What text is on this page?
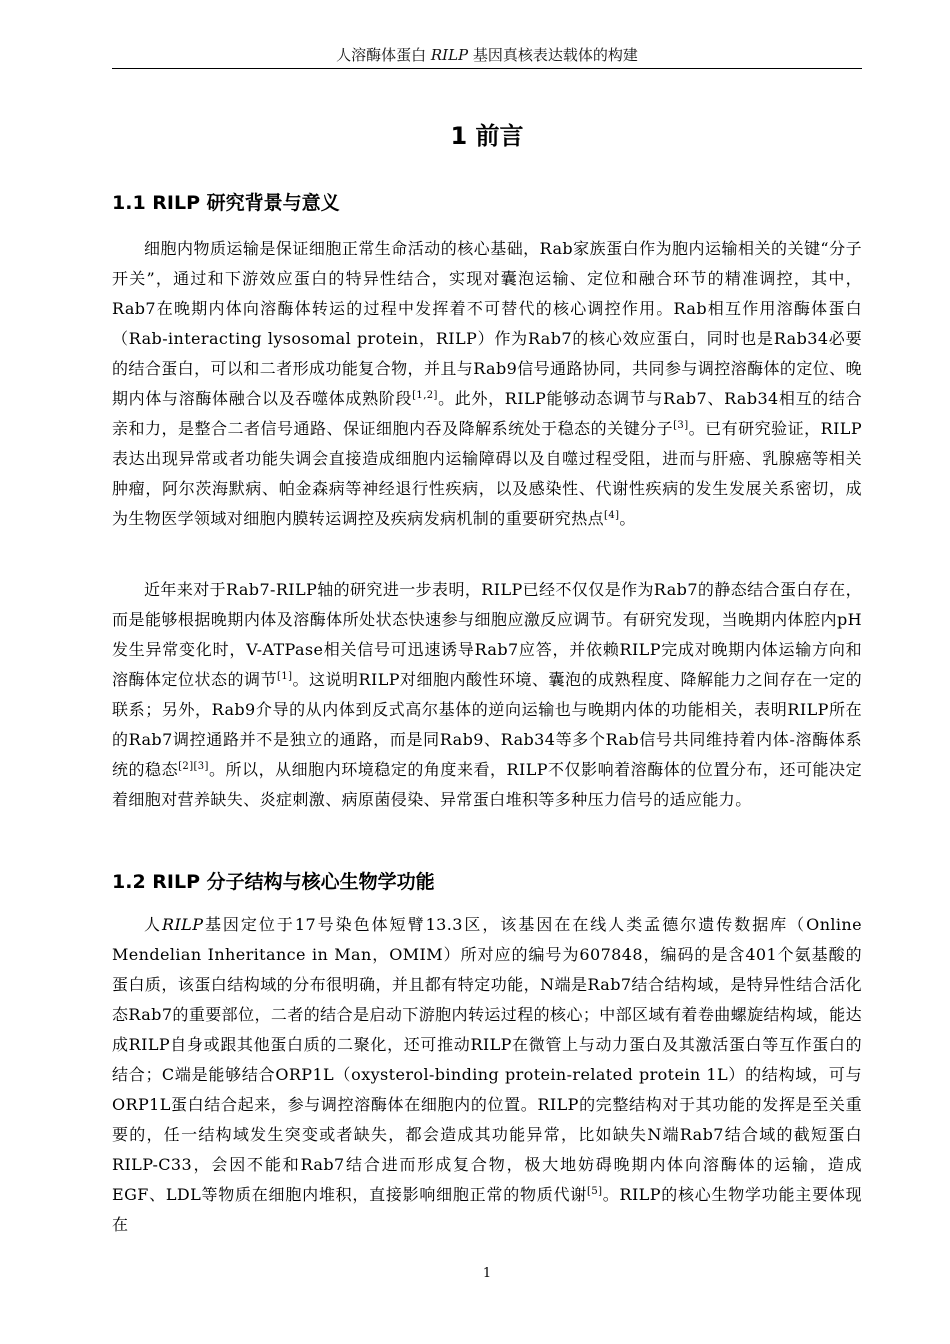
人溶酶体蛋白 RILP 基因真核表达载体的构建
1 前言
1.1 RILP 研究背景与意义

细胞内物质运输是保证细胞正常生命活动的核心基础，Rab家族蛋白作为胞内运输相关的关键“分子开关”，通过和下游效应蛋白的特异性结合，实现对囊泡运输、定位和融合环节的精准调控，其中，Rab7在晚期内体向溶酶体转运的过程中发挥着不可替代的核心调控作用。Rab相互作用溶酶体蛋白（Rab-interacting lysosomal protein，RILP）作为Rab7的核心效应蛋白，同时也是Rab34必要的结合蛋白，可以和二者形成功能复合物，并且与Rab9信号通路协同，共同参与调控溶酶体的定位、晚期内体与溶酶体融合以及吞噬体成熟阶段[1,2]。此外，RILP能够动态调节与Rab7、Rab34相互的结合亲和力，是整合二者信号通路、保证细胞内吞及降解系统处于稳态的关键分子[3]。已有研究验证，RILP表达出现异常或者功能失调会直接造成细胞内运输障碍以及自噬过程受阻，进而与肝癌、乳腺癌等相关肿瘤，阿尔茨海默病、帕金森病等神经退行性疾病，以及感染性、代谢性疾病的发生发展关系密切，成为生物医学领域对细胞内膜转运调控及疾病发病机制的重要研究热点[4]。

近年来对于Rab7-RILP轴的研究进一步表明，RILP已经不仅仅是作为Rab7的静态结合蛋白存在，而是能够根据晚期内体及溶酶体所处状态快速参与细胞应激反应调节。有研究发现，当晚期内体腔内pH发生异常变化时，V-ATPase相关信号可迅速诱导Rab7应答，并依赖RILP完成对晚期内体运输方向和溶酶体定位状态的调节[1]。这说明RILP对细胞内酸性环境、囊泡的成熟程度、降解能力之间存在一定的联系；另外，Rab9介导的从内体到反式高尔基体的逆向运输也与晚期内体的功能相关，表明RILP所在的Rab7调控通路并不是独立的通路，而是同Rab9、Rab34等多个Rab信号共同维持着内体-溶酶体系统的稳态[2][3]。所以，从细胞内环境稳定的角度来看，RILP不仅影响着溶酶体的位置分布，还可能决定着细胞对营养缺失、炎症刺激、病原菌侵染、异常蛋白堆积等多种压力信号的适应能力。

1.2 RILP 分子结构与核心生物学功能

人RILP基因定位于17号染色体短臂13.3区，该基因在在线人类孟德尔遗传数据库（Online Mendelian Inheritance in Man，OMIM）所对应的编号为607848，编码的是含401个氨基酸的蛋白质，该蛋白结构域的分布很明确，并且都有特定功能，N端是Rab7结合结构域，是特异性结合活化态Rab7的重要部位，二者的结合是启动下游胞内转运过程的核心；中部区域有着卷曲螺旋结构域，能达成RILP自身或跟其他蛋白质的二聚化，还可推动RILP在微管上与动力蛋白及其激活蛋白等互作蛋白的结合；C端是能够结合ORP1L（oxysterol-binding protein-related protein 1L）的结构域，可与ORP1L蛋白结合起来，参与调控溶酶体在细胞内的位置。RILP的完整结构对于其功能的发挥是至关重要的，任一结构域发生突变或者缺失，都会造成其功能异常，比如缺失N端Rab7结合域的截短蛋白RILP-C33，会因不能和Rab7结合进而形成复合物，极大地妨碍晚期内体向溶酶体的运输，造成EGF、LDL等物质在细胞内堆积，直接影响细胞正常的物质代谢[5]。RILP的核心生物学功能主要体现在

1
